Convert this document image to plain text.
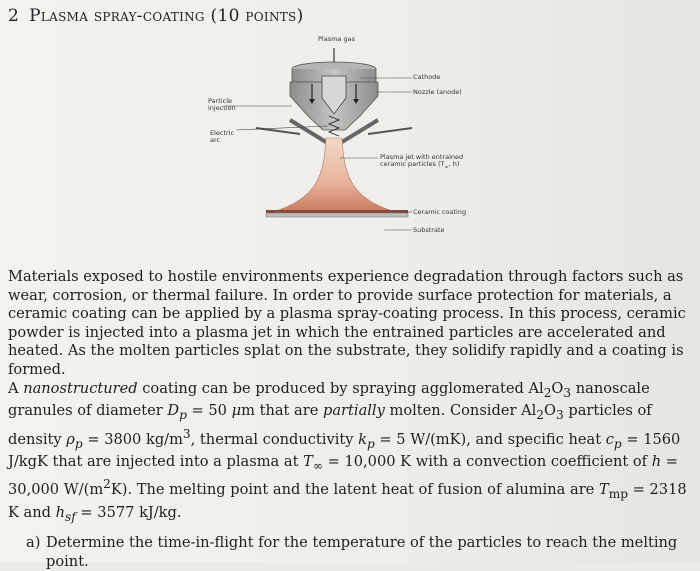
2 Plasma spray-coating (10 points)
Plasma gas
Cathode
Nozzle (anode)
Particle
injection
Electric
arc
Plasma jet with entrained
ceramic particles ($T_\infty$, h)
Ceramic coating
Substrate

Materials exposed to hostile environments experience degradation through factors such as wear, corrosion, or thermal failure. In order to provide surface protection for materials, a ceramic coating can be applied by a plasma spray-coating process. In this process, ceramic powder is injected into a plasma jet in which the entrained particles are accelerated and heated. As the molten particles splat on the substrate, they solidify rapidly and a coating is formed.

A nanostructured coating can be produced by spraying agglomerated $Al_2O_3$ nanoscale granules of diameter $D_p = 50$ μm that are partially molten. Consider $Al_2O_3$ particles of density $\rho_p = 3800$ $kg/m^3$, thermal conductivity $k_p = 5$ W/(mK), and specific heat $c_p = 1560$ J/kgK that are injected into a plasma at $T_\infty = 10,000$ K with a convection coefficient of h = 30,000 $W/(m^2K)$. The melting point and the latent heat of fusion of alumina are $T_{mp} = 2318$ K and $h_{sf} = 3577$ kJ/kg.

a) Determine the time-in-flight for the temperature of the particles to reach the melting
point.
